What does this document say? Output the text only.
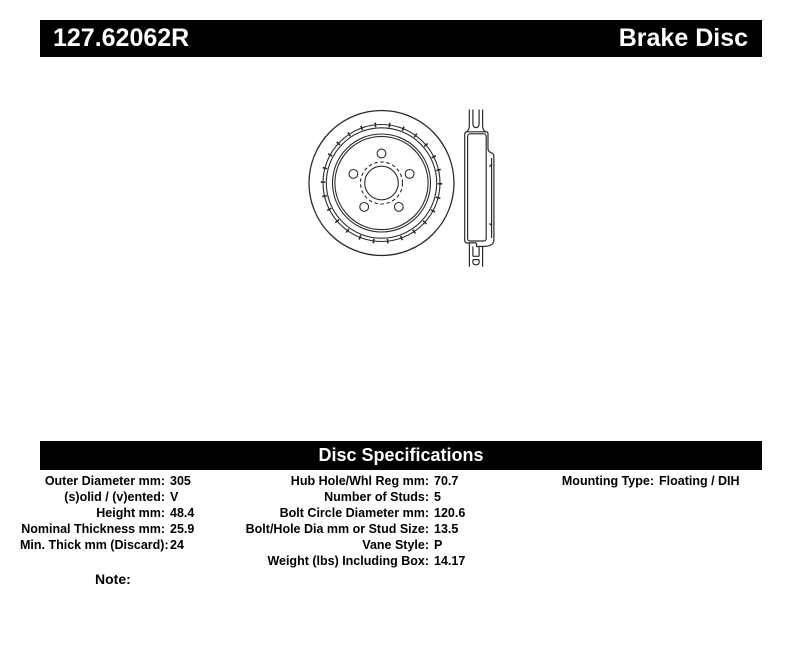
127.62062R	Brake Disc
Disc Specifications
Outer Diameter mm: 305
(s)olid / (v)ented: V
Height mm: 48.4
Nominal Thickness mm: 25.9
Min. Thick mm (Discard): 24
Hub Hole/Whl Reg mm: 70.7
Number of Studs: 5
Bolt Circle Diameter mm: 120.6
Bolt/Hole Dia mm or Stud Size: 13.5
Vane Style: P
Weight (lbs) Including Box: 14.17
Mounting Type: Floating / DIH
Note:
